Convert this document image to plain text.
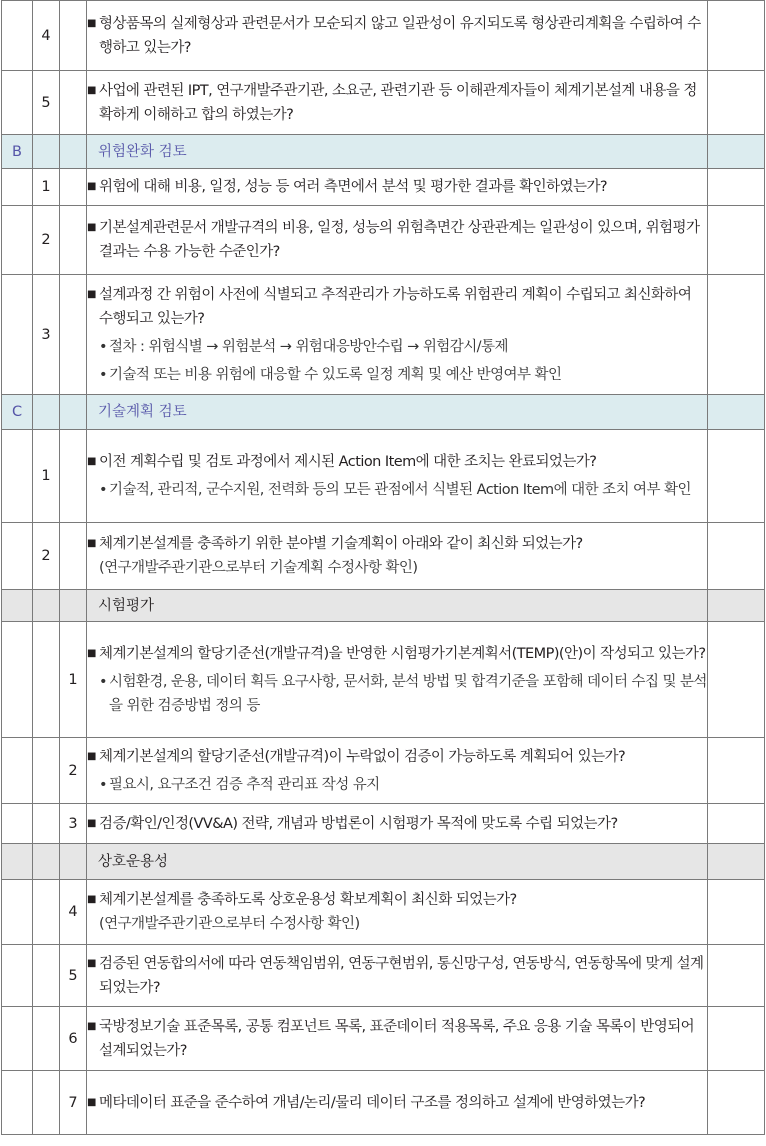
	4		■ 형상품목의 실제형상과 관련문서가 모순되지 않고 일관성이 유지되도록 형상관리계획을 수립하여 수행하고 있는가?

	5		■ 사업에 관련된 IPT, 연구개발주관기관, 소요군, 관련기관 등 이해관계자들이 체계기본설계 내용을 정확하게 이해하고 합의 하였는가?

B			위험완화 검토	
	1		■ 위험에 대해 비용, 일정, 성능 등 여러 측면에서 분석 및 평가한 결과를 확인하였는가?

	2		■ 기본설계관련문서 개발규격의 비용, 일정, 성능의 위험측면간 상관관계는 일관성이 있으며, 위험평가 결과는 수용 가능한 수준인가?

	3		■ 설계과정 간 위험이 사전에 식별되고 추적관리가 가능하도록 위험관리 계획이 수립되고 최신화하여 수행되고 있는가?
• 절차 : 위험식별 → 위험분석 → 위험대응방안수립 → 위험감시/통제
• 기술적 또는 비용 위험에 대응할 수 있도록 일정 계획 및 예산 반영여부 확인

C			기술계획 검토	
	1		■ 이전 계획수립 및 검토 과정에서 제시된 Action Item에 대한 조치는 완료되었는가?
• 기술적, 관리적, 군수지원, 전력화 등의 모든 관점에서 식별된 Action Item에 대한 조치 여부 확인

	2		■ 체계기본설계를 충족하기 위한 분야별 기술계획이 아래와 같이 최신화 되었는가?
(연구개발주관기관으로부터 기술계획 수정사항 확인)

			시험평가	
		1	■ 체계기본설계의 할당기준선(개발규격)을 반영한 시험평가기본계획서(TEMP)(안)이 작성되고 있는가?
• 시험환경, 운용, 데이터 획득 요구사항, 문서화, 분석 방법 및 합격기준을 포함해 데이터 수집 및 분석을 위한 검증방법 정의 등

		2	■ 체계기본설계의 할당기준선(개발규격)이 누락없이 검증이 가능하도록 계획되어 있는가?
• 필요시, 요구조건 검증 추적 관리표 작성 유지

		3	■ 검증/확인/인정(VV&A) 전략, 개념과 방법론이 시험평가 목적에 맞도록 수립 되었는가?

			상호운용성	
		4	■ 체계기본설계를 충족하도록 상호운용성 확보계획이 최신화 되었는가?
(연구개발주관기관으로부터 수정사항 확인)

		5	■ 검증된 연동합의서에 따라 연동책임범위, 연동구현범위, 통신망구성, 연동방식, 연동항목에 맞게 설계되었는가?

		6	■ 국방정보기술 표준목록, 공통 컴포넌트 목록, 표준데이터 적용목록, 주요 응용 기술 목록이 반영되어 설계되었는가?

		7	■ 메타데이터 표준을 준수하여 개념/논리/물리 데이터 구조를 정의하고 설계에 반영하였는가?
